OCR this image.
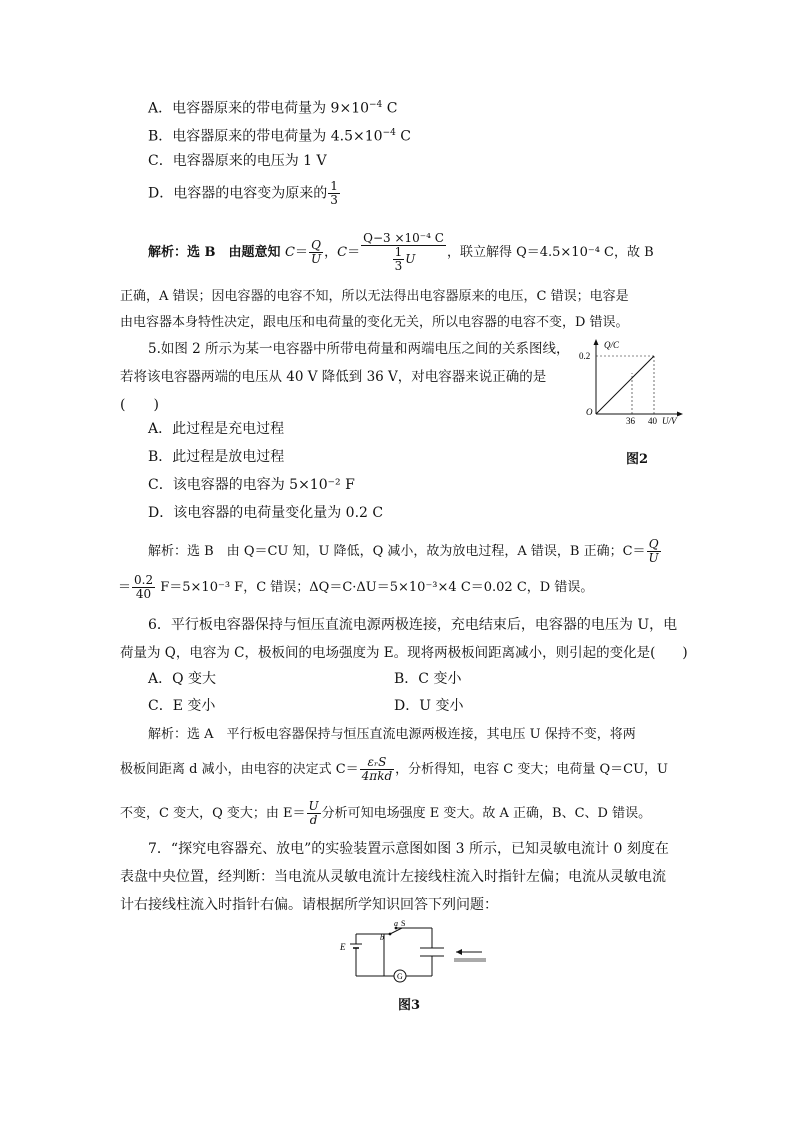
A．电容器原来的带电荷量为 $9\times 10^{-4}$ C
B．电容器原来的带电荷量为 $4.5\times 10^{-4}$ C
C．电容器原来的电压为 1 V
D．电容器的电容变为原来的 $\frac{1}{3}$
解析：选 B　由题意知 $C= \frac{Q}{U}$ ，$C= \frac{\text{Q−3 ×10⁻⁴ C}}{\frac{1}{3} U}$ ，联立解得 Q＝4.5×10⁻⁴ C，故 B
正确，A 错误；因电容器的电容不知，所以无法得出电容器原来的电压，C 错误；电容是
由电容器本身特性决定，跟电压和电荷量的变化无关，所以电容器的电容不变，D 错误。
5.如图 2 所示为某一电容器中所带电荷量和两端电压之间的关系图线，
若将该电容器两端的电压从 40 V 降低到 36 V，对电容器来说正确的是
(　　)
Q/C
0.2
O
36 40 U/V
A．此过程是充电过程
B．此过程是放电过程	图2
C．该电容器的电容为 5×10⁻² F
D．该电容器的电荷量变化量为 0.2 C
解析：选 B　由 Q＝CU 知，U 降低，Q 减小，故为放电过程，A 错误，B 正确；$C= \frac{Q}{U}$
＝ $\frac{0.2}{40} F=5\times 10^{-3}$ F，C 错误；ΔQ＝C·ΔU＝5×10⁻³×4 C＝0.02 C，D 错误。
6．平行板电容器保持与恒压直流电源两极连接，充电结束后，电容器的电压为 U，电
荷量为 Q，电容为 C，极板间的电场强度为 E。现将两极板间距离减小，则引起的变化是(　　)
A．Q 变大	B．C 变小
C．E 变小	D．U 变小
解析：选 A　平行板电容器保持与恒压直流电源两极连接，其电压 U 保持不变，将两
极板间距离 d 减小，由电容的决定式 $C= \frac{\text{εᵣS}}{\text{4πkd}}$ ，分析得知，电容 C 变大；电荷量 Q＝CU，U
不变，C 变大，Q 变大；由 $E= \frac{U}{d}$ 分析可知电场强度 E 变大。故 A 正确，B、C、D 错误。
7．“探究电容器充、放电”的实验装置示意图如图 3 所示，已知灵敏电流计 0 刻度在
表盘中央位置，经判断：当电流从灵敏电流计左接线柱流入时指针左偏；电流从灵敏电流
计右接线柱流入时指针右偏。请根据所学知识回答下列问题：
G
E
a
b
S
图3
